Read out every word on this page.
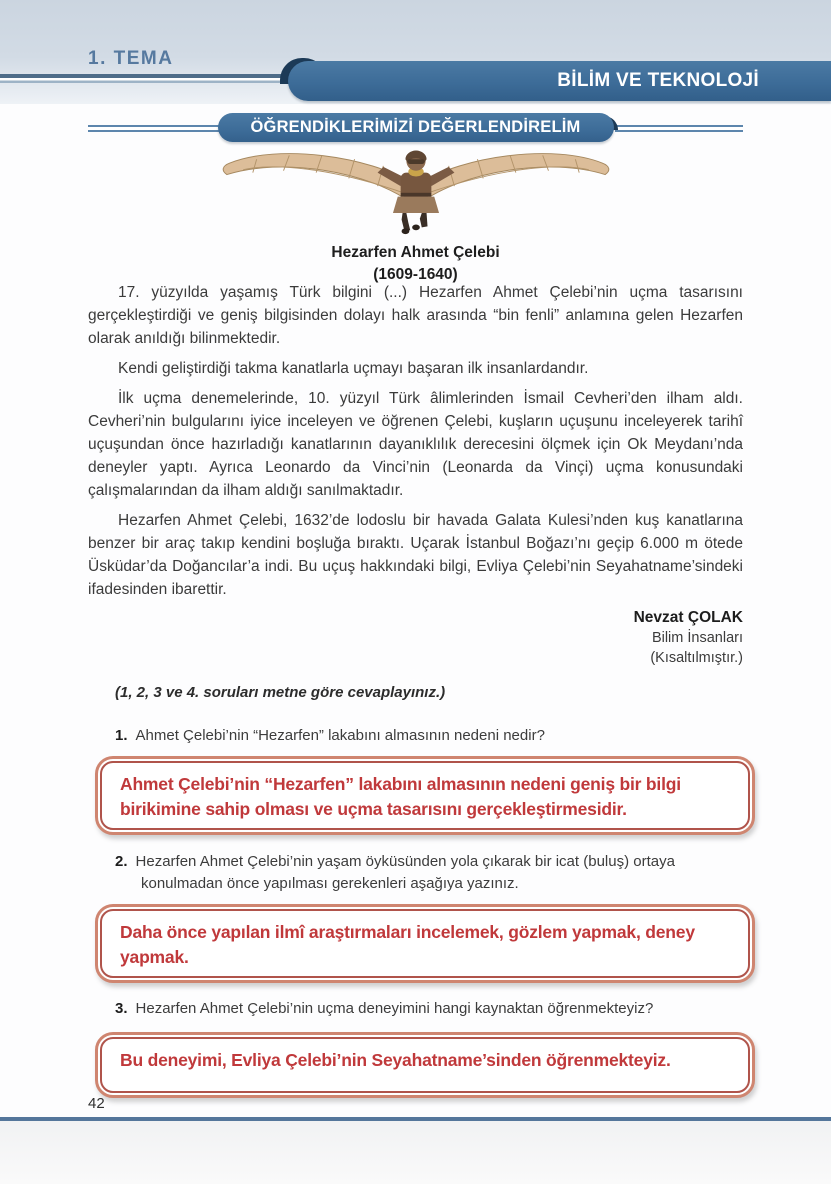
1. TEMA
BİLİM VE TEKNOLOJİ
ÖĞRENDİKLERİMİZİ DEĞERLENDİRELİM
Hezarfen Ahmet Çelebi
(1609-1640)

17. yüzyılda yaşamış Türk bilgini (...) Hezarfen Ahmet Çelebi’nin uçma tasarısını gerçekleştirdiği ve geniş bilgisinden dolayı halk arasında “bin fenli” anlamına gelen Hezarfen olarak anıldığı bilinmektedir.

Kendi geliştirdiği takma kanatlarla uçmayı başaran ilk insanlardandır.

İlk uçma denemelerinde, 10. yüzyıl Türk âlimlerinden İsmail Cevheri’den ilham aldı. Cevheri’nin bulgularını iyice inceleyen ve öğrenen Çelebi, kuşların uçuşunu inceleyerek tarihî uçuşundan önce hazırladığı kanatlarının dayanıklılık derecesini ölçmek için Ok Meydanı’nda deneyler yaptı. Ayrıca Leonardo da Vinci’nin (Leonarda da Vinçi) uçma konusundaki çalışmalarından da ilham aldığı sanılmaktadır.

Hezarfen Ahmet Çelebi, 1632’de lodoslu bir havada Galata Kulesi’nden kuş kanatlarına benzer bir araç takıp kendini boşluğa bıraktı. Uçarak İstanbul Boğazı’nı geçip 6.000 m ötede Üsküdar’da Doğancılar’a indi. Bu uçuş hakkındaki bilgi, Evliya Çelebi’nin Seyahatname’sindeki ifadesinden ibarettir.

Nevzat ÇOLAK
Bilim İnsanları
(Kısaltılmıştır.)
(1, 2, 3 ve 4. soruları metne göre cevaplayınız.)
1. Ahmet Çelebi’nin “Hezarfen” lakabını almasının nedeni nedir?
Ahmet Çelebi’nin “Hezarfen” lakabını almasının nedeni geniş bir bilgi birikimine sahip olması ve uçma tasarısını gerçekleştirmesidir.
2. Hezarfen Ahmet Çelebi’nin yaşam öyküsünden yola çıkarak bir icat (buluş) ortaya konulmadan önce yapılması gerekenleri aşağıya yazınız.
Daha önce yapılan ilmî araştırmaları incelemek, gözlem yapmak, deney yapmak.
3. Hezarfen Ahmet Çelebi’nin uçma deneyimini hangi kaynaktan öğrenmekteyiz?
Bu deneyimi, Evliya Çelebi’nin Seyahatname’sinden öğrenmekteyiz.
42
